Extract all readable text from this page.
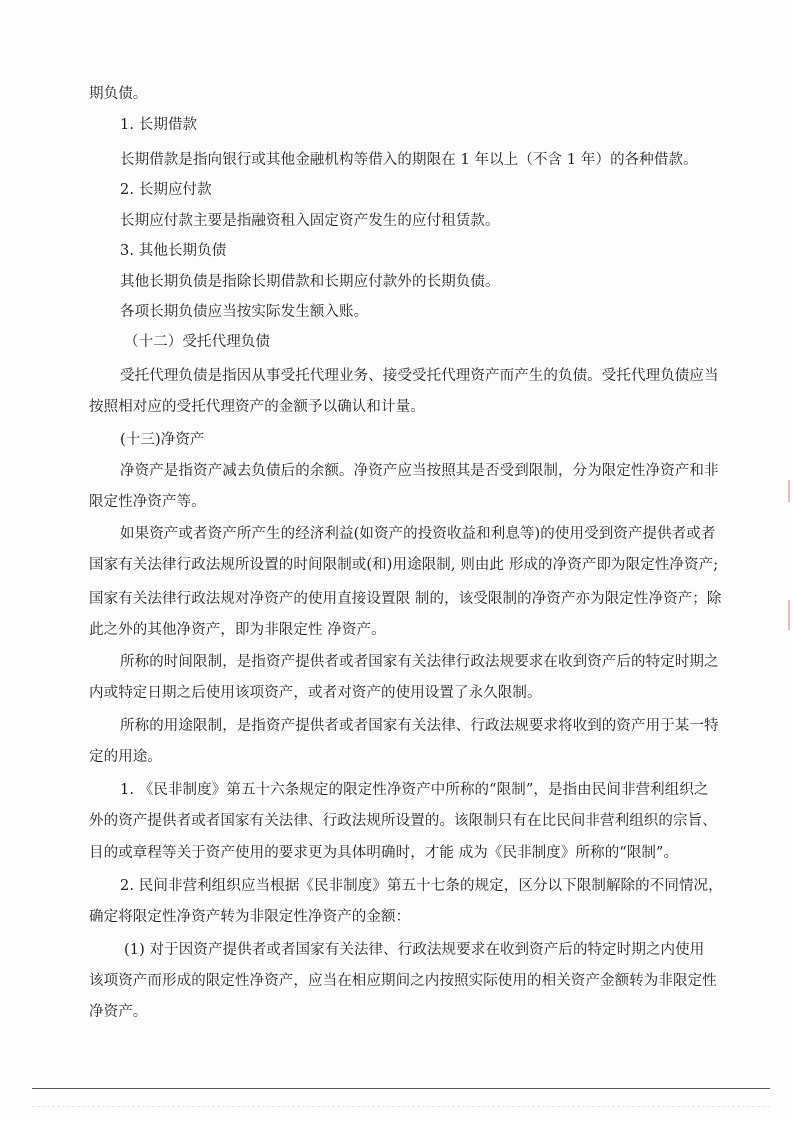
期负债。
1. 长期借款
长期借款是指向银行或其他金融机构等借入的期限在 1 年以上（不含 1 年）的各种借款。
2. 长期应付款
长期应付款主要是指融资租入固定资产发生的应付租赁款。
3. 其他长期负债
其他长期负债是指除长期借款和长期应付款外的长期负债。
各项长期负债应当按实际发生额入账。
（十二）受托代理负债
受托代理负债是指因从事受托代理业务、接受受托代理资产而产生的负债。受托代理负债应当
按照相对应的受托代理资产的金额予以确认和计量。
(十三)净资产
净资产是指资产减去负债后的余额。净资产应当按照其是否受到限制，分为限定性净资产和非
限定性净资产等。
如果资产或者资产所产生的经济利益(如资产的投资收益和利息等)的使用受到资产提供者或者
国家有关法律行政法规所设置的时间限制或(和)用途限制, 则由此 形成的净资产即为限定性净资产;
国家有关法律行政法规对净资产的使用直接设置限 制的，该受限制的净资产亦为限定性净资产；除
此之外的其他净资产，即为非限定性 净资产。
所称的时间限制，是指资产提供者或者国家有关法律行政法规要求在收到资产后的特定时期之
内或特定日期之后使用该项资产，或者对资产的使用设置了永久限制。
所称的用途限制，是指资产提供者或者国家有关法律、行政法规要求将收到的资产用于某一特
定的用途。
1. 《民非制度》第五十六条规定的限定性净资产中所称的“限制”，是指由民间非营利组织之
外的资产提供者或者国家有关法律、行政法规所设置的。该限制只有在比民间非营利组织的宗旨、
目的或章程等关于资产使用的要求更为具体明确时，才能 成为《民非制度》所称的“限制”。
2. 民间非营利组织应当根据《民非制度》第五十七条的规定，区分以下限制解除的不同情况，
确定将限定性净资产转为非限定性净资产的金额：
(1) 对于因资产提供者或者国家有关法律、行政法规要求在收到资产后的特定时期之内使用
该项资产而形成的限定性净资产，应当在相应期间之内按照实际使用的相关资产金额转为非限定性
净资产。
